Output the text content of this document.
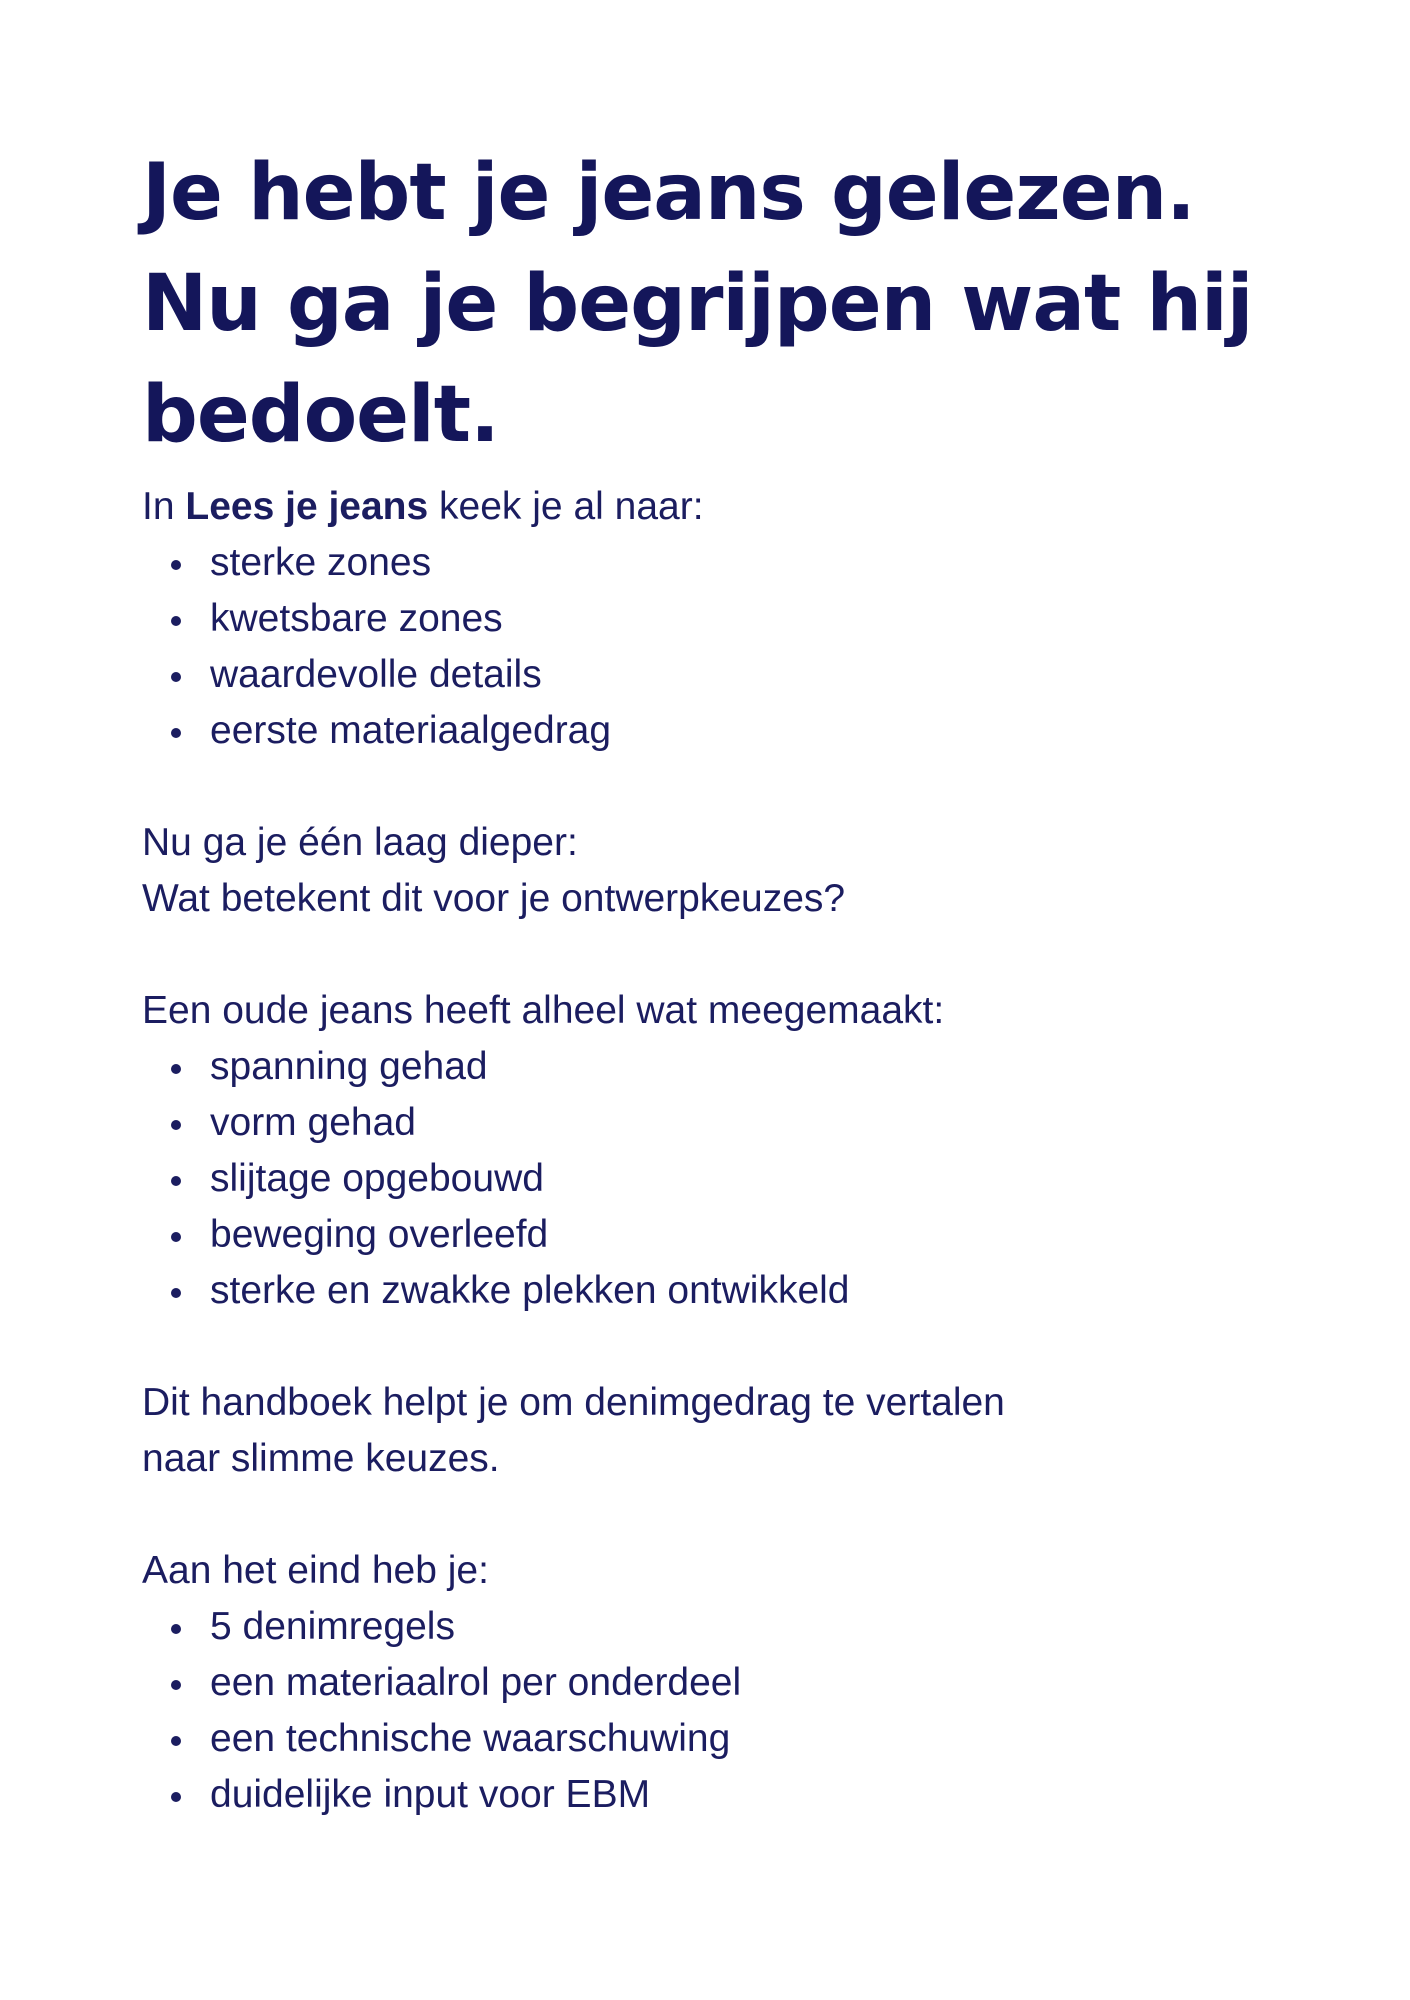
Je hebt je jeans gelezen.
Nu ga je begrijpen wat hij
bedoelt.

In Lees je jeans keek je al naar:

sterke zones
kwetsbare zones
waardevolle details
eerste materiaalgedrag

Nu ga je één laag dieper:
Wat betekent dit voor je ontwerpkeuzes?

Een oude jeans heeft alheel wat meegemaakt:

spanning gehad
vorm gehad
slijtage opgebouwd
beweging overleefd
sterke en zwakke plekken ontwikkeld

Dit handboek helpt je om denimgedrag te vertalen
naar slimme keuzes.

Aan het eind heb je:

5 denimregels
een materiaalrol per onderdeel
een technische waarschuwing
duidelijke input voor EBM
